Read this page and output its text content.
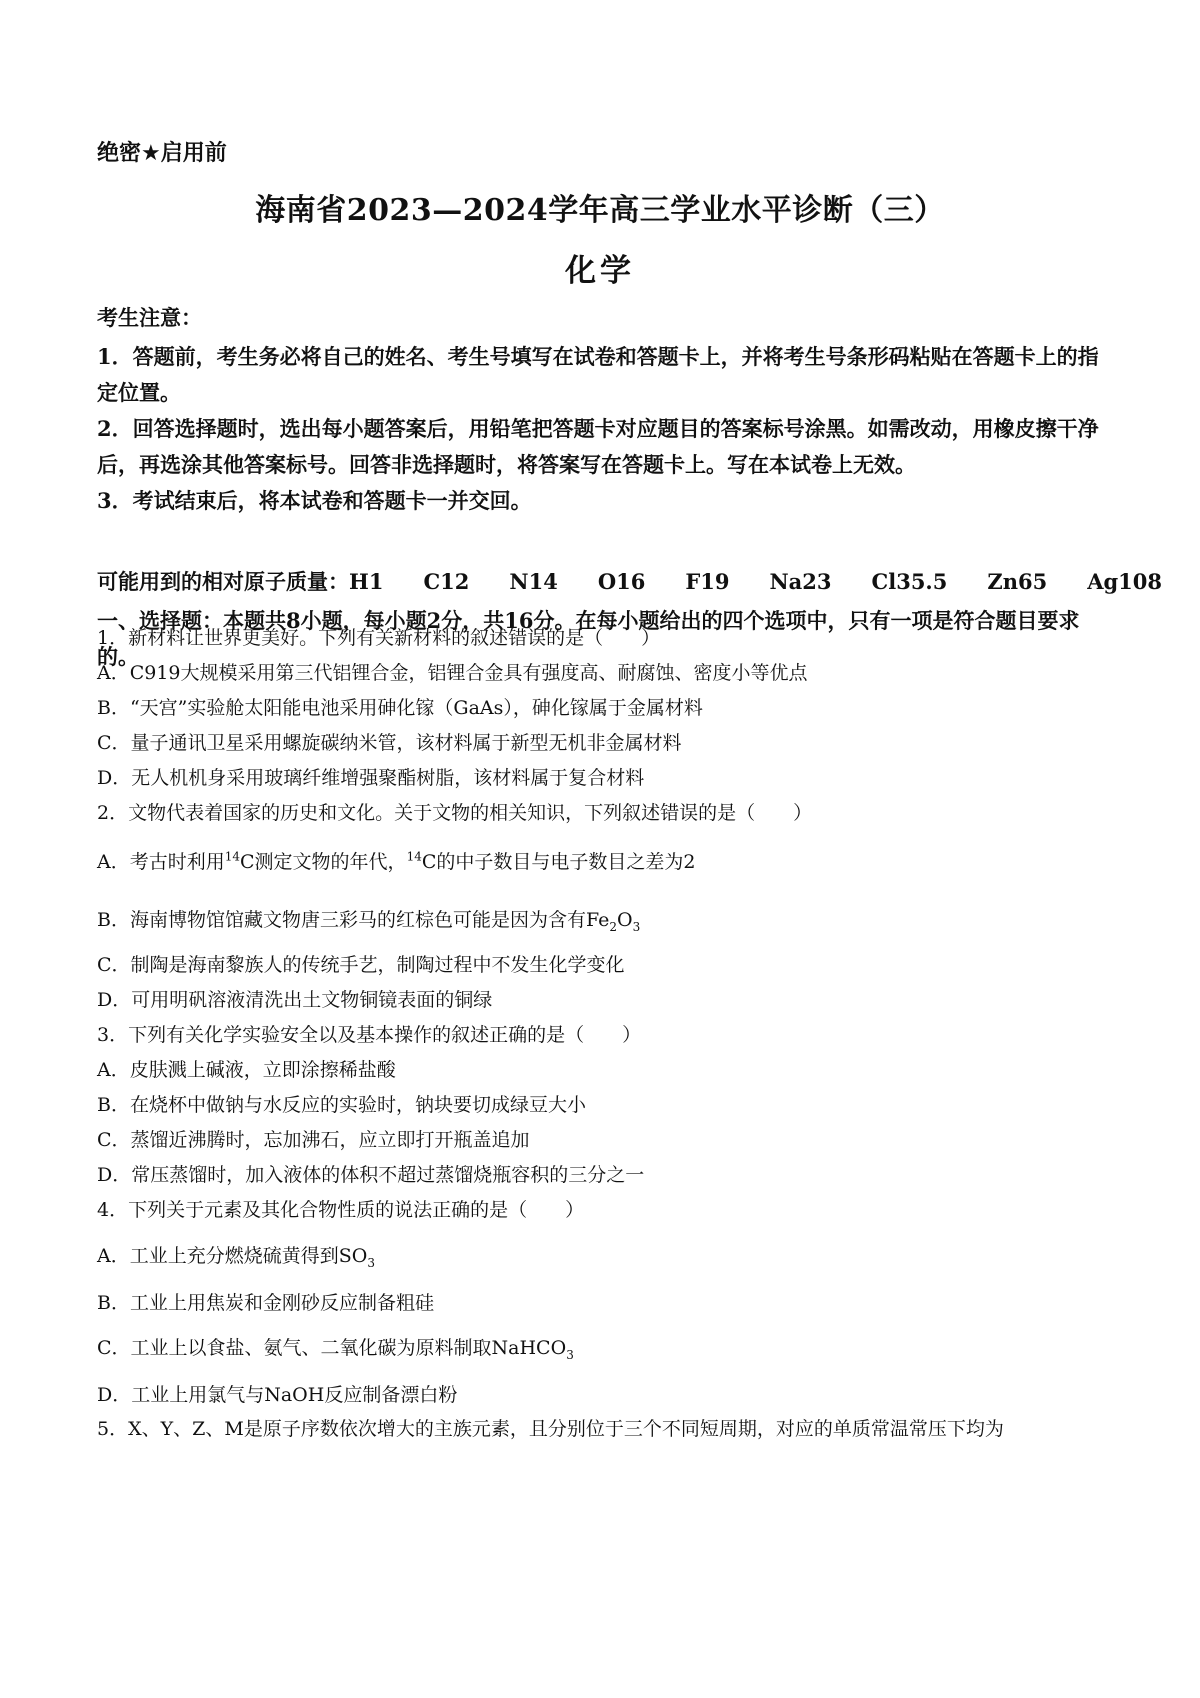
绝密★启用前
海南省2023—2024学年高三学业水平诊断（三）
化学
考生注意：

1．答题前，考生务必将自己的姓名、考生号填写在试卷和答题卡上，并将考生号条形码粘贴在答题卡上的指定位置。

2．回答选择题时，选出每小题答案后，用铅笔把答题卡对应题目的答案标号涂黑。如需改动，用橡皮擦干净后，再选涂其他答案标号。回答非选择题时，将答案写在答题卡上。写在本试卷上无效。

3．考试结束后，将本试卷和答题卡一并交回。

可能用到的相对原子质量：H1 C12 N14 O16 F19 Na23 Cl35.5 Zn65 Ag108
一、选择题：本题共8小题，每小题2分，共16分。在每小题给出的四个选项中，只有一项是符合题目要求的。
1．新材料让世界更美好。下列有关新材料的叙述错误的是（　　）
A．C919大规模采用第三代铝锂合金，铝锂合金具有强度高、耐腐蚀、密度小等优点
B．“天宫”实验舱太阳能电池采用砷化镓（GaAs），砷化镓属于金属材料
C．量子通讯卫星采用螺旋碳纳米管，该材料属于新型无机非金属材料
D．无人机机身采用玻璃纤维增强聚酯树脂，该材料属于复合材料
2．文物代表着国家的历史和文化。关于文物的相关知识，下列叙述错误的是（　　）
A．考古时利用$^{14}$C测定文物的年代，$^{14}$C的中子数目与电子数目之差为2
B．海南博物馆馆藏文物唐三彩马的红棕色可能是因为含有$Fe_2O_3$
C．制陶是海南黎族人的传统手艺，制陶过程中不发生化学变化
D．可用明矾溶液清洗出土文物铜镜表面的铜绿
3．下列有关化学实验安全以及基本操作的叙述正确的是（　　）
A．皮肤溅上碱液，立即涂擦稀盐酸
B．在烧杯中做钠与水反应的实验时，钠块要切成绿豆大小
C．蒸馏近沸腾时，忘加沸石，应立即打开瓶盖追加
D．常压蒸馏时，加入液体的体积不超过蒸馏烧瓶容积的三分之一
4．下列关于元素及其化合物性质的说法正确的是（　　）
A．工业上充分燃烧硫黄得到$SO_3$
B．工业上用焦炭和金刚砂反应制备粗硅
C．工业上以食盐、氨气、二氧化碳为原料制取NaHCO$_3$
D．工业上用氯气与NaOH反应制备漂白粉
5．X、Y、Z、M是原子序数依次增大的主族元素，且分别位于三个不同短周期，对应的单质常温常压下均为
